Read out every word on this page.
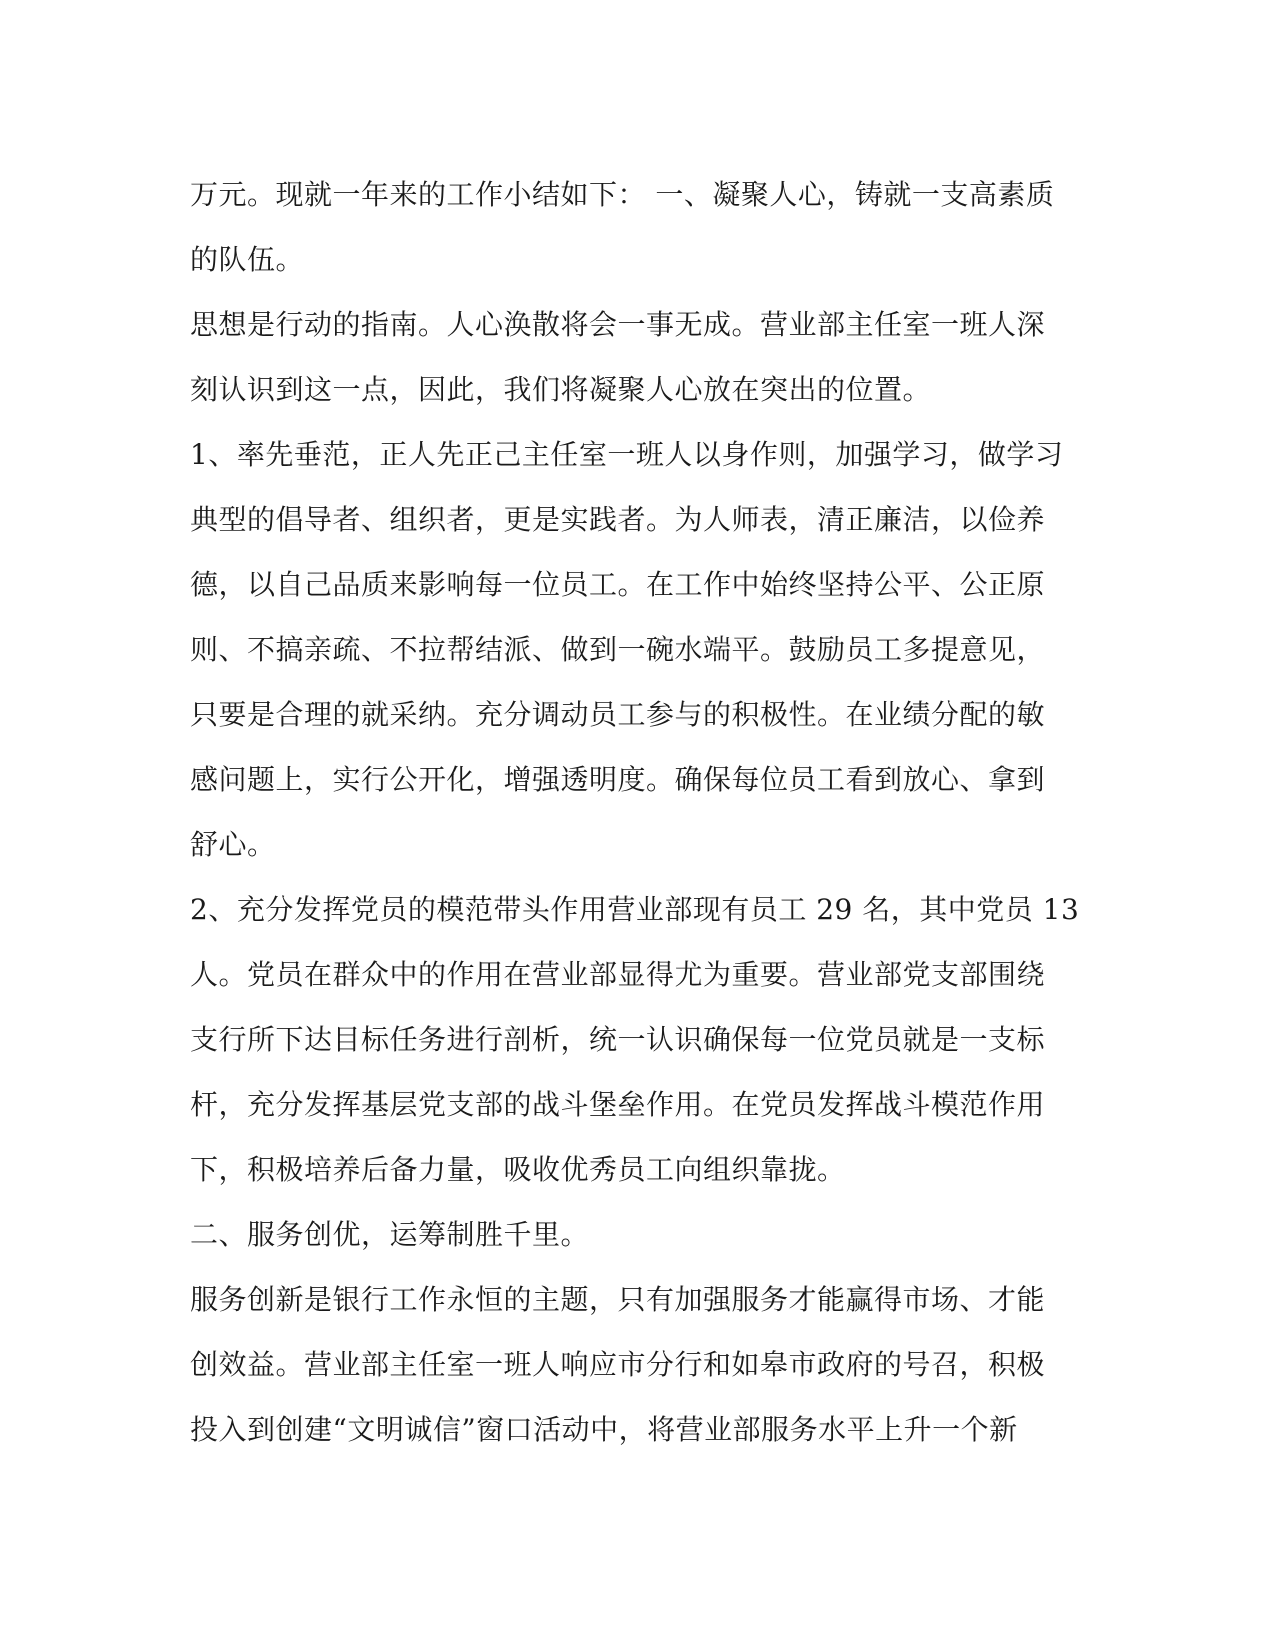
万元。现就一年来的工作小结如下： 一、凝聚人心，铸就一支高素质
的队伍。
思想是行动的指南。人心涣散将会一事无成。营业部主任室一班人深
刻认识到这一点，因此，我们将凝聚人心放在突出的位置。
1、率先垂范，正人先正己主任室一班人以身作则，加强学习，做学习
典型的倡导者、组织者，更是实践者。为人师表，清正廉洁，以俭养
德，以自己品质来影响每一位员工。在工作中始终坚持公平、公正原
则、不搞亲疏、不拉帮结派、做到一碗水端平。鼓励员工多提意见，
只要是合理的就采纳。充分调动员工参与的积极性。在业绩分配的敏
感问题上，实行公开化，增强透明度。确保每位员工看到放心、拿到
舒心。
2、充分发挥党员的模范带头作用营业部现有员工 29 名，其中党员 13
人。党员在群众中的作用在营业部显得尤为重要。营业部党支部围绕
支行所下达目标任务进行剖析，统一认识确保每一位党员就是一支标
杆，充分发挥基层党支部的战斗堡垒作用。在党员发挥战斗模范作用
下，积极培养后备力量，吸收优秀员工向组织靠拢。
二、服务创优，运筹制胜千里。
服务创新是银行工作永恒的主题，只有加强服务才能赢得市场、才能
创效益。营业部主任室一班人响应市分行和如皋市政府的号召，积极
投入到创建“文明诚信”窗口活动中，将营业部服务水平上升一个新
